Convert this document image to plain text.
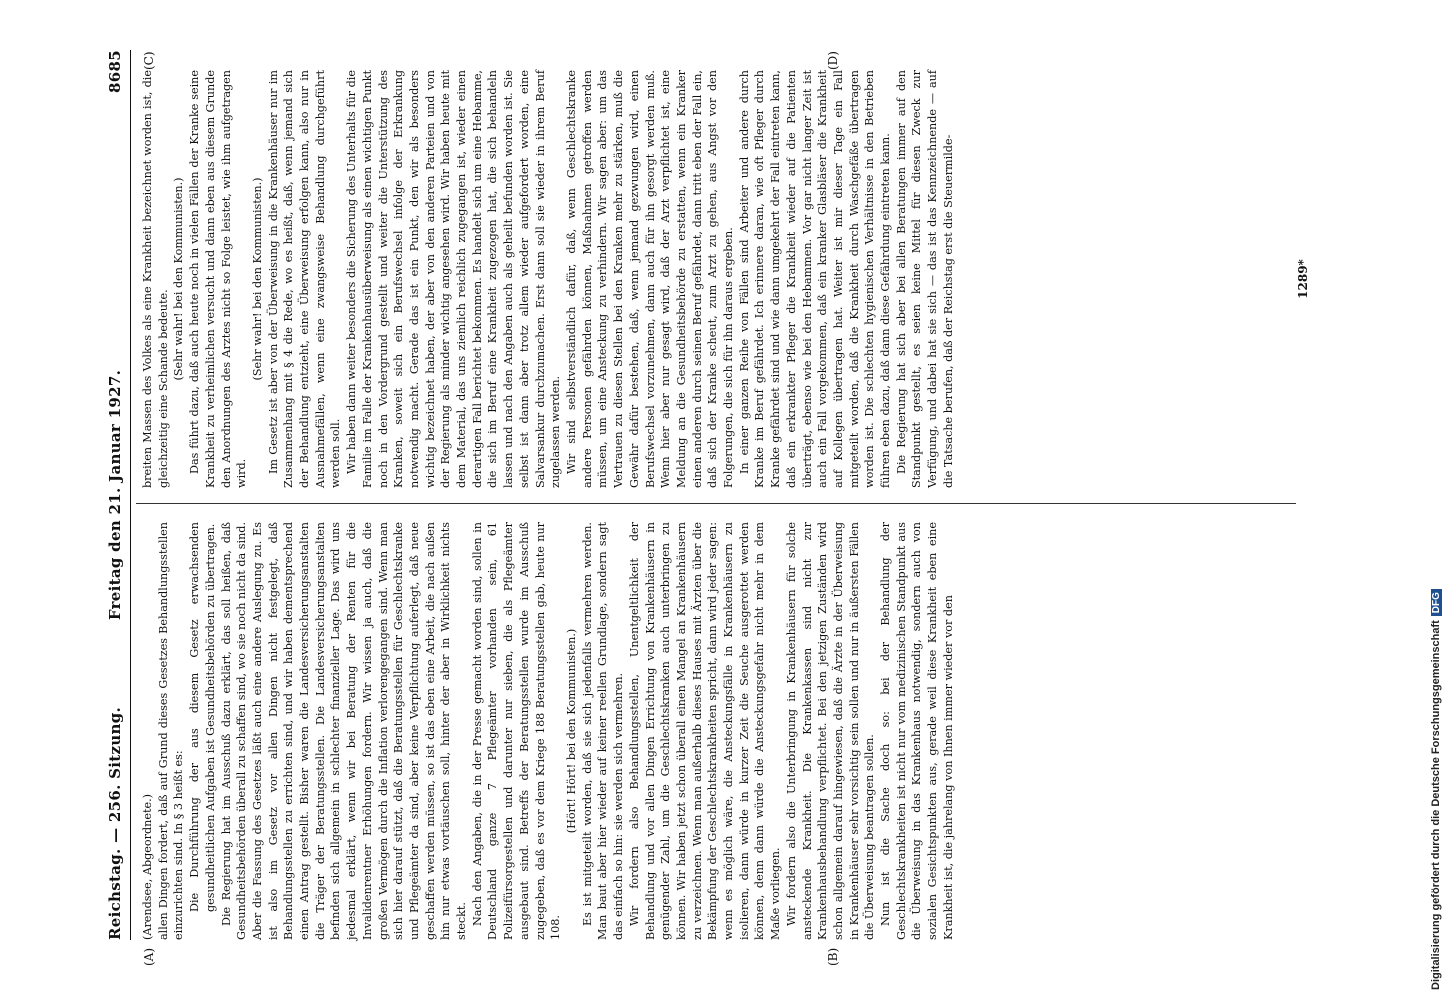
Reichstag. — 256. Sitzung.
Freitag den 21. Januar 1927.
8685
(A)	(B)
(C)	(D)

(Arendsee, Abgeordnete.) allen Dingen fordert, daß auf Grund dieses Gesetzes Behandlungsstellen einzurichten sind. In § 3 heißt es: Die Durchführung der aus diesem Gesetz erwachsenden gesundheitlichen Aufgaben ist Gesundheitsbehörden zu übertragen. Die Regierung hat im Ausschuß dazu erklärt, das soll heißen, daß Gesundheitsbehörden überall zu schaffen sind, wo sie noch nicht da sind. Aber die Fassung des Gesetzes läßt auch eine andere Auslegung zu. Es ist also im Gesetz vor allen Dingen nicht festgelegt, daß Behandlungsstellen zu errichten sind, und wir haben dementsprechend einen Antrag gestellt. Bisher waren die Landesversicherungsanstalten die Träger der Beratungsstellen. Die Landesversicherungsanstalten befinden sich allgemein in schlechter finanzieller Lage. Das wird uns jedesmal erklärt, wenn wir bei Beratung der Renten für die Invalidenrentner Erhöhungen fordern. Wir wissen ja auch, daß die großen Vermögen durch die Inflation verlorengegangen sind. Wenn man sich hier darauf stützt, daß die Beratungsstellen für Geschlechtskranke und Pflegeämter da sind, aber keine Verpflichtung auferlegt, daß neue geschaffen werden müssen, so ist das eben eine Arbeit, die nach außen hin nur etwas vortäuschen soll, hinter der aber in Wirklichkeit nichts steckt. Nach den Angaben, die in der Presse gemacht worden sind, sollen in Deutschland ganze 7 Pflegeämter vorhanden sein, 61 Polizeifürsorgestellen und darunter nur sieben, die als Pflegeämter ausgebaut sind. Betreffs der Beratungsstellen wurde im Ausschuß zugegeben, daß es vor dem Kriege 188 Beratungsstellen gab, heute nur 108.

(Hört! Hört! bei den Kommunisten.) Es ist mitgeteilt worden, daß sie sich jedenfalls vermehren werden. Man baut aber hier wieder auf keiner reellen Grundlage, sondern sagt das einfach so hin: sie werden sich vermehren. Wir fordern also Behandlungsstellen, Unentgeltlichkeit der Behandlung und vor allen Dingen Errichtung von Krankenhäusern in genügender Zahl, um die Geschlechtskranken auch unterbringen zu können. Wir haben jetzt schon überall einen Mangel an Krankenhäusern zu verzeichnen. Wenn man außerhalb dieses Hauses mit Ärzten über die Bekämpfung der Geschlechtskrankheiten spricht, dann wird jeder sagen: wenn es möglich wäre, die Ansteckungsfälle in Krankenhäusern zu isolieren, dann würde in kurzer Zeit die Seuche ausgerottet werden können, denn dann würde die Ansteckungsgefahr nicht mehr in dem Maße vorliegen. Wir fordern also die Unterbringung in Krankenhäusern für solche ansteckende Krankheit. Die Krankenkassen sind nicht zur Krankenhausbehandlung verpflichtet. Bei den jetzigen Zuständen wird schon allgemein darauf hingewiesen, daß die Ärzte in der Überweisung in Krankenhäuser sehr vorsichtig sein sollen und nur in äußersten Fällen die Überweisung beantragen sollen. Nun ist die Sache doch so: bei der Behandlung der Geschlechtskrankheiten ist nicht nur vom medizinischen Standpunkt aus die Überweisung in das Krankenhaus notwendig, sondern auch von sozialen Gesichtspunkten aus, gerade weil diese Krankheit eben eine Krankheit ist, die jahrelang von Ihnen immer wieder vor den

breiten Massen des Volkes als eine Krankheit bezeichnet worden ist, die gleichzeitig eine Schande bedeute.

(Sehr wahr! bei den Kommunisten.) Das führt dazu, daß auch heute noch in vielen Fällen der Kranke seine Krankheit zu verheimlichen versucht und dann eben aus diesem Grunde den Anordnungen des Arztes nicht so Folge leistet, wie ihm aufgetragen wird.

(Sehr wahr! bei den Kommunisten.) Im Gesetz ist aber von der Überweisung in die Krankenhäuser nur im Zusammenhang mit § 4 die Rede, wo es heißt, daß, wenn jemand sich der Behandlung entzieht, eine Überweisung erfolgen kann, also nur in Ausnahmefällen, wenn eine zwangsweise Behandlung durchgeführt werden soll. Wir haben dann weiter besonders die Sicherung des Unterhalts für die Familie im Falle der Krankenhausüberweisung als einen wichtigen Punkt noch in den Vordergrund gestellt und weiter die Unterstützung des Kranken, soweit sich ein Berufswechsel infolge der Erkrankung notwendig macht. Gerade das ist ein Punkt, den wir als besonders wichtig bezeichnet haben, der aber von den anderen Parteien und von der Regierung als minder wichtig angesehen wird. Wir haben heute mit dem Material, das uns ziemlich reichlich zugegangen ist, wieder einen derartigen Fall berichtet bekommen. Es handelt sich um eine Hebamme, die sich im Beruf eine Krankheit zugezogen hat, die sich behandeln lassen und nach den Angaben auch als geheilt befunden worden ist. Sie selbst ist dann aber trotz allem wieder aufgefordert worden, eine Salvarsankur durchzumachen. Erst dann soll sie wieder in ihrem Beruf zugelassen werden. Wir sind selbstverständlich dafür, daß, wenn Geschlechtskranke andere Personen gefährden können, Maßnahmen getroffen werden müssen, um eine Ansteckung zu verhindern. Wir sagen aber: um das Vertrauen zu diesen Stellen bei den Kranken mehr zu stärken, muß die Gewähr dafür bestehen, daß, wenn jemand gezwungen wird, einen Berufswechsel vorzunehmen, dann auch für ihn gesorgt werden muß. Wenn hier aber nur gesagt wird, daß der Arzt verpflichtet ist, eine Meldung an die Gesundheitsbehörde zu erstatten, wenn ein Kranker einen anderen durch seinen Beruf gefährdet, dann tritt eben der Fall ein, daß sich der Kranke scheut, zum Arzt zu gehen, aus Angst vor den Folgerungen, die sich für ihn daraus ergeben. In einer ganzen Reihe von Fällen sind Arbeiter und andere durch Kranke im Beruf gefährdet. Ich erinnere daran, wie oft Pfleger durch Kranke gefährdet sind und wie dann umgekehrt der Fall eintreten kann, daß ein erkrankter Pfleger die Krankheit wieder auf die Patienten überträgt, ebenso wie bei den Hebammen. Vor gar nicht langer Zeit ist auch ein Fall vorgekommen, daß ein kranker Glasbläser die Krankheit auf Kollegen übertragen hat. Weiter ist mir dieser Tage ein Fall mitgeteilt worden, daß die Krankheit durch Waschgefäße übertragen worden ist. Die schlechten hygienischen Verhältnisse in den Betrieben führen eben dazu, daß dann diese Gefährdung eintreten kann. Die Regierung hat sich aber bei allen Beratungen immer auf den Standpunkt gestellt, es seien keine Mittel für diesen Zweck zur Verfügung, und dabei hat sie sich — das ist das Kennzeichnende — auf die Tatsache berufen, daß der Reichstag erst die Steuermilde-	1289*
Digitalisierung gefördert durch die Deutsche ForschungsgemeinschaftDFG
